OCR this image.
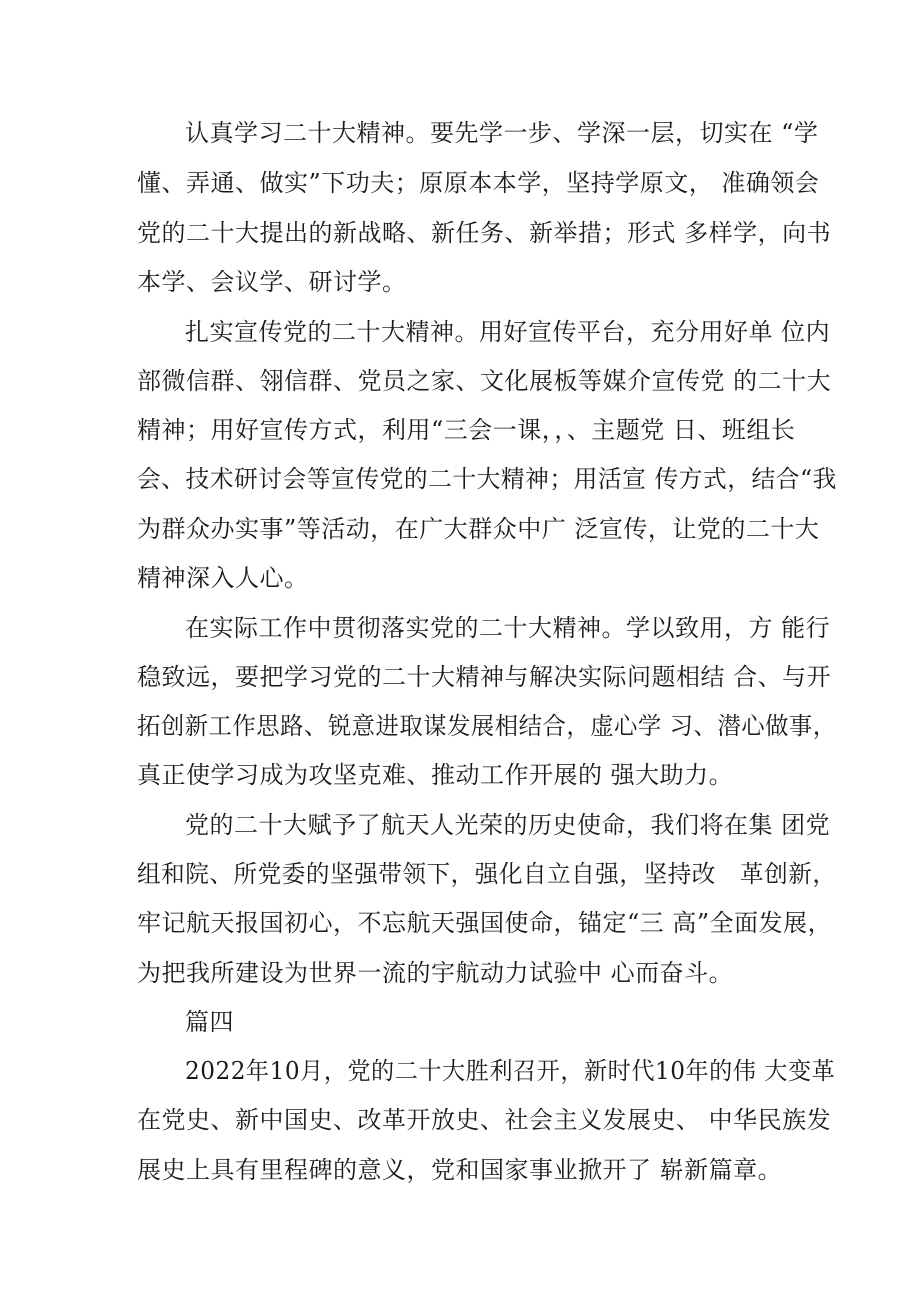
认真学习二十大精神。要先学一步、学深一层，切实在 “学
懂、弄通、做实”下功夫；原原本本学，坚持学原文， 准确领会
党的二十大提出的新战略、新任务、新举措；形式 多样学，向书
本学、会议学、研讨学。
扎实宣传党的二十大精神。用好宣传平台，充分用好单 位内
部微信群、翎信群、党员之家、文化展板等媒介宣传党 的二十大
精神；用好宣传方式，利用“三会一课，，、主题党 日、班组长
会、技术研讨会等宣传党的二十大精神；用活宣 传方式，结合“我
为群众办实事”等活动，在广大群众中广 泛宣传，让党的二十大
精神深入人心。
在实际工作中贯彻落实党的二十大精神。学以致用，方 能行
稳致远，要把学习党的二十大精神与解决实际问题相结 合、与开
拓创新工作思路、锐意进取谋发展相结合，虚心学 习、潜心做事，
真正使学习成为攻坚克难、推动工作开展的 强大助力。
党的二十大赋予了航天人光荣的历史使命，我们将在集 团党
组和院、所党委的坚强带领下，强化自立自强，坚持改　革创新，
牢记航天报国初心，不忘航天强国使命，锚定“三 高”全面发展，
为把我所建设为世界一流的宇航动力试验中 心而奋斗。
篇四
2022年10月，党的二十大胜利召开，新时代10年的伟 大变革
在党史、新中国史、改革开放史、社会主义发展史、 中华民族发
展史上具有里程碑的意义，党和国家事业掀开了 崭新篇章。
